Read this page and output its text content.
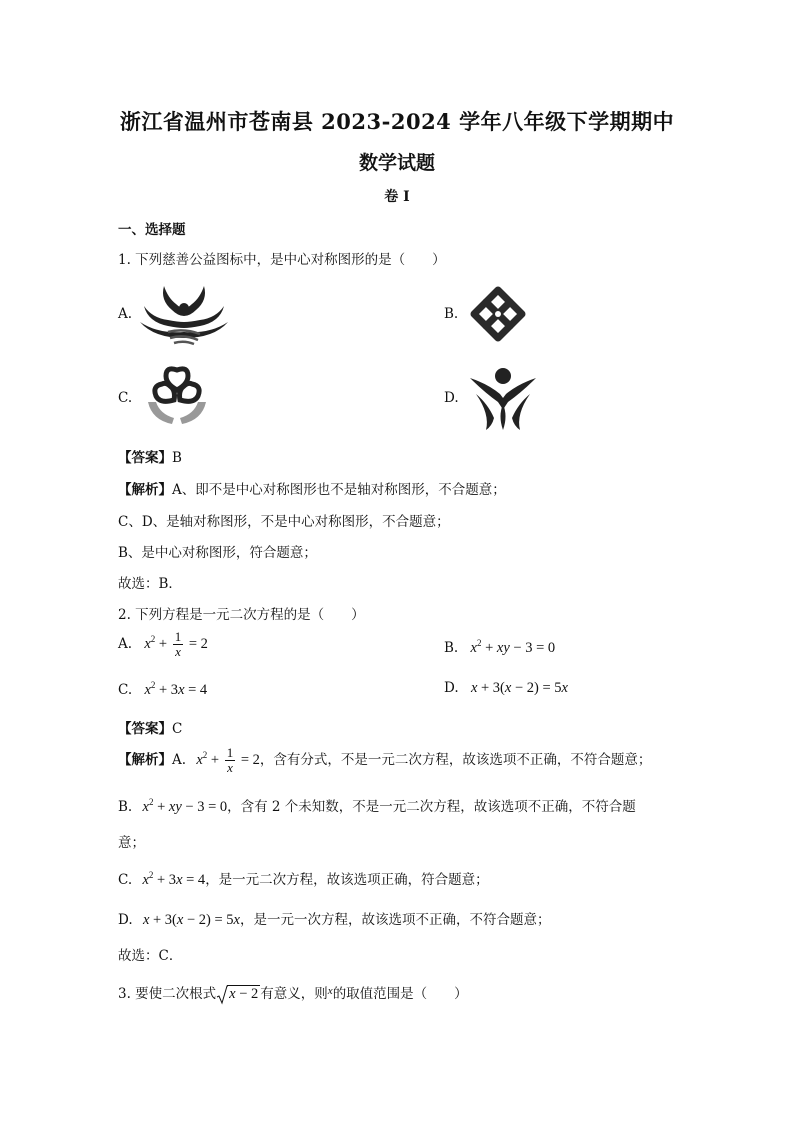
浙江省温州市苍南县 2023-2024 学年八年级下学期期中
数学试题
卷 I
一、选择题
1. 下列慈善公益图标中，是中心对称图形的是（　　）
A.	B.
C.	D.
【答案】B
【解析】A、即不是中心对称图形也不是轴对称图形，不合题意；
C、D、是轴对称图形，不是中心对称图形，不合题意；
B、是中心对称图形，符合题意；
故选：B．
2. 下列方程是一元二次方程的是（　　）
A. $x^2 + \frac{1}{x} = 2$	B. $x^2$ + xy − 3 = 0
C. $x^2 + 3x = 4$	D. x + 3(x − 2) = 5x
【答案】C
【解析】A. $x^2 + \frac{1}{x} = 2$，含有分式，不是一元二次方程，故该选项不正确，不符合题意；
B. $x^2$ + xy − 3 = 0，含有 2 个未知数，不是一元二次方程，故该选项不正确，不符合题
意；
C. $x^2 + 3x = 4$，是一元二次方程，故该选项正确，符合题意；
D. x + 3(x − 2) = 5x，是一元一次方程，故该选项不正确，不符合题意；
故选：C．
3. 要使二次根式 x − 2 有意义，则$^x$的取值范围是（　　）
